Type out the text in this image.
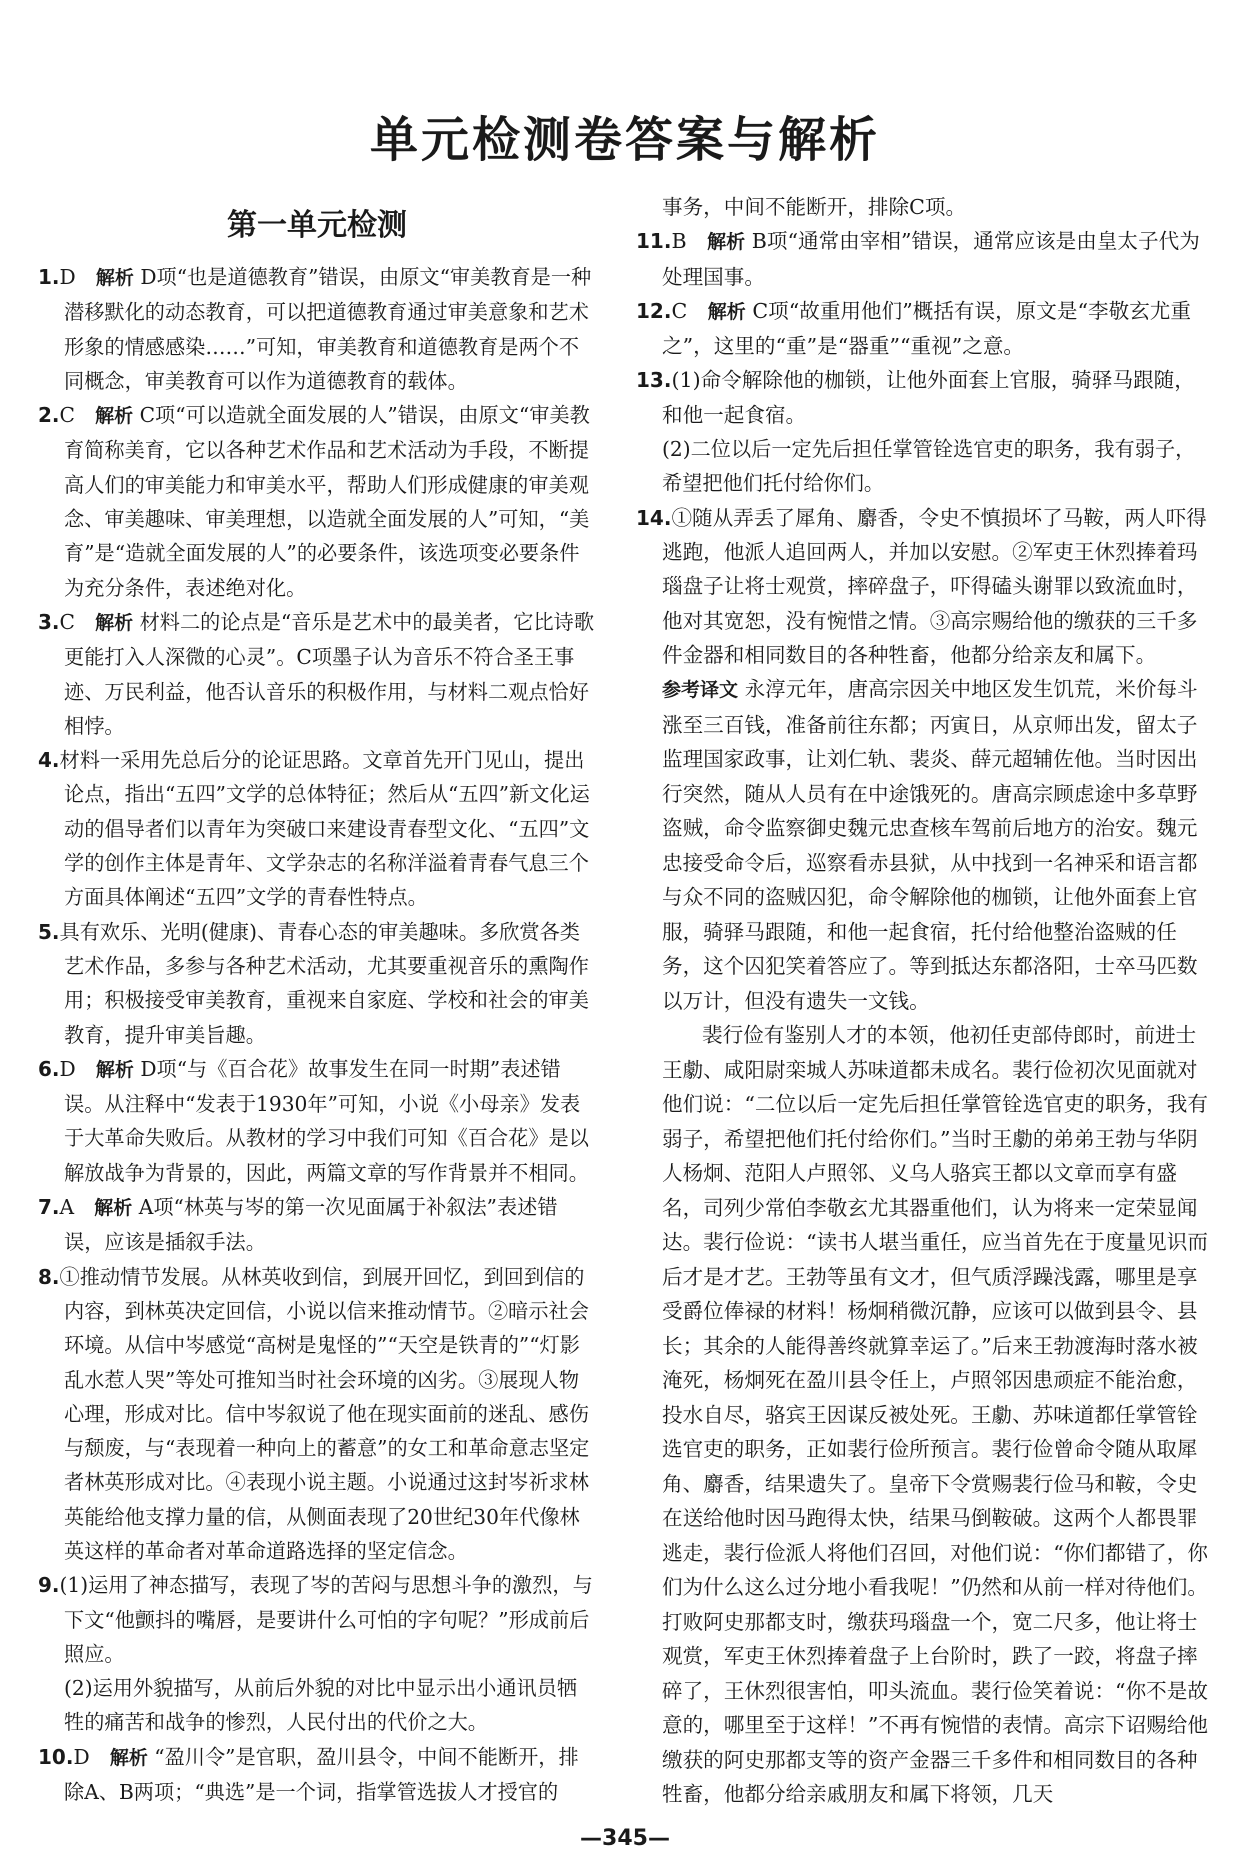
单元检测卷答案与解析
第一单元检测

1.D  解析 D项“也是道德教育”错误，由原文“审美教育是一种潜移默化的动态教育，可以把道德教育通过审美意象和艺术形象的情感感染……”可知，审美教育和道德教育是两个不同概念，审美教育可以作为道德教育的载体。

2.C  解析 C项“可以造就全面发展的人”错误，由原文“审美教育简称美育，它以各种艺术作品和艺术活动为手段，不断提高人们的审美能力和审美水平，帮助人们形成健康的审美观念、审美趣味、审美理想，以造就全面发展的人”可知，“美育”是“造就全面发展的人”的必要条件，该选项变必要条件为充分条件，表述绝对化。

3.C  解析 材料二的论点是“音乐是艺术中的最美者，它比诗歌更能打入人深微的心灵”。C项墨子认为音乐不符合圣王事迹、万民利益，他否认音乐的积极作用，与材料二观点恰好相悖。

4.材料一采用先总后分的论证思路。文章首先开门见山，提出论点，指出“五四”文学的总体特征；然后从“五四”新文化运动的倡导者们以青年为突破口来建设青春型文化、“五四”文学的创作主体是青年、文学杂志的名称洋溢着青春气息三个方面具体阐述“五四”文学的青春性特点。

5.具有欢乐、光明(健康)、青春心态的审美趣味。多欣赏各类艺术作品，多参与各种艺术活动，尤其要重视音乐的熏陶作用；积极接受审美教育，重视来自家庭、学校和社会的审美教育，提升审美旨趣。

6.D  解析 D项“与《百合花》故事发生在同一时期”表述错误。从注释中“发表于1930年”可知，小说《小母亲》发表于大革命失败后。从教材的学习中我们可知《百合花》是以解放战争为背景的，因此，两篇文章的写作背景并不相同。

7.A  解析 A项“林英与岑的第一次见面属于补叙法”表述错误，应该是插叙手法。

8.①推动情节发展。从林英收到信，到展开回忆，到回到信的内容，到林英决定回信，小说以信来推动情节。②暗示社会环境。从信中岑感觉“高树是鬼怪的”“天空是铁青的”“灯影乱水惹人哭”等处可推知当时社会环境的凶劣。③展现人物心理，形成对比。信中岑叙说了他在现实面前的迷乱、感伤与颓废，与“表现着一种向上的蓄意”的女工和革命意志坚定者林英形成对比。④表现小说主题。小说通过这封岑祈求林英能给他支撑力量的信，从侧面表现了20世纪30年代像林英这样的革命者对革命道路选择的坚定信念。

9.(1)运用了神态描写，表现了岑的苦闷与思想斗争的激烈，与下文“他颤抖的嘴唇，是要讲什么可怕的字句呢？”形成前后照应。

(2)运用外貌描写，从前后外貌的对比中显示出小通讯员牺牲的痛苦和战争的惨烈，人民付出的代价之大。

10.D  解析 “盈川令”是官职，盈川县令，中间不能断开，排除A、B两项；“典选”是一个词，指掌管选拔人才授官的

事务，中间不能断开，排除C项。

11.B  解析 B项“通常由宰相”错误，通常应该是由皇太子代为处理国事。

12.C  解析 C项“故重用他们”概括有误，原文是“李敬玄尤重之”，这里的“重”是“器重”“重视”之意。

13.(1)命令解除他的枷锁，让他外面套上官服，骑驿马跟随，和他一起食宿。

(2)二位以后一定先后担任掌管铨选官吏的职务，我有弱子，希望把他们托付给你们。

14.①随从弄丢了犀角、麝香，令史不慎损坏了马鞍，两人吓得逃跑，他派人追回两人，并加以安慰。②军吏王休烈捧着玛瑙盘子让将士观赏，摔碎盘子，吓得磕头谢罪以致流血时，他对其宽恕，没有惋惜之情。③高宗赐给他的缴获的三千多件金器和相同数目的各种牲畜，他都分给亲友和属下。

参考译文 永淳元年，唐高宗因关中地区发生饥荒，米价每斗涨至三百钱，准备前往东都；丙寅日，从京师出发，留太子监理国家政事，让刘仁轨、裴炎、薛元超辅佐他。当时因出行突然，随从人员有在中途饿死的。唐高宗顾虑途中多草野盗贼，命令监察御史魏元忠查核车驾前后地方的治安。魏元忠接受命令后，巡察看赤县狱，从中找到一名神采和语言都与众不同的盗贼囚犯，命令解除他的枷锁，让他外面套上官服，骑驿马跟随，和他一起食宿，托付给他整治盗贼的任务，这个囚犯笑着答应了。等到抵达东都洛阳，士卒马匹数以万计，但没有遗失一文钱。

裴行俭有鉴别人才的本领，他初任吏部侍郎时，前进士王勮、咸阳尉栾城人苏味道都未成名。裴行俭初次见面就对他们说：“二位以后一定先后担任掌管铨选官吏的职务，我有弱子，希望把他们托付给你们。”当时王勮的弟弟王勃与华阴人杨炯、范阳人卢照邻、义乌人骆宾王都以文章而享有盛名，司列少常伯李敬玄尤其器重他们，认为将来一定荣显闻达。裴行俭说：“读书人堪当重任，应当首先在于度量见识而后才是才艺。王勃等虽有文才，但气质浮躁浅露，哪里是享受爵位俸禄的材料！杨炯稍微沉静，应该可以做到县令、县长；其余的人能得善终就算幸运了。”后来王勃渡海时落水被淹死，杨炯死在盈川县令任上，卢照邻因患顽症不能治愈，投水自尽，骆宾王因谋反被处死。王勮、苏味道都任掌管铨选官吏的职务，正如裴行俭所预言。裴行俭曾命令随从取犀角、麝香，结果遗失了。皇帝下令赏赐裴行俭马和鞍，令史在送给他时因马跑得太快，结果马倒鞍破。这两个人都畏罪逃走，裴行俭派人将他们召回，对他们说：“你们都错了，你们为什么这么过分地小看我呢！”仍然和从前一样对待他们。打败阿史那都支时，缴获玛瑙盘一个，宽二尺多，他让将士观赏，军吏王休烈捧着盘子上台阶时，跌了一跤，将盘子摔碎了，王休烈很害怕，叩头流血。裴行俭笑着说：“你不是故意的，哪里至于这样！”不再有惋惜的表情。高宗下诏赐给他缴获的阿史那都支等的资产金器三千多件和相同数目的各种牲畜，他都分给亲戚朋友和属下将领，几天

—345—
